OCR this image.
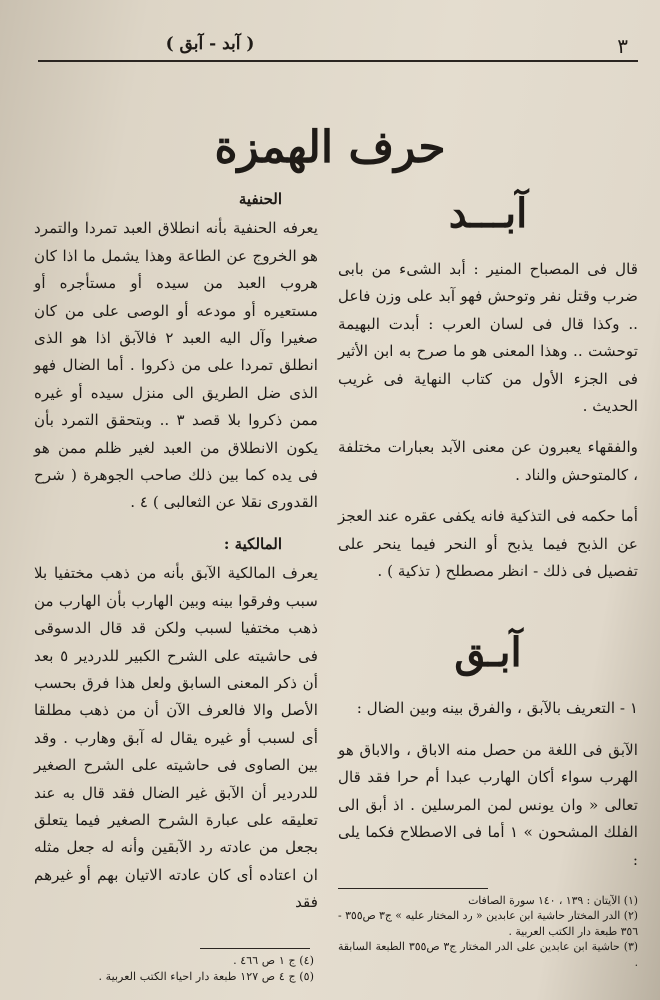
٣
( آبد - آبق )
حرف الهمزة
آبـــد

قال فى المصباح المنير : أبد الشىء من بابى ضرب وقتل نفر وتوحش فهو آبد على وزن فاعل .. وكذا قال فى لسان العرب : أبدت البهيمة توحشت .. وهذا المعنى هو ما صرح به ابن الأثير فى الجزء الأول من كتاب النهاية فى غريب الحديث .

والفقهاء يعبرون عن معنى الآبد بعبارات مختلفة ، كالمتوحش والناد .

أما حكمه فى التذكية فانه يكفى عقره عند العجز عن الذبح فيما يذبح أو النحر فيما ينحر على تفصيل فى ذلك - انظر مصطلح ( تذكية ) .

آبـق

١ - التعريف بالآبق ، والفرق بينه وبين الضال :

الآبق فى اللغة من حصل منه الاباق ، والاباق هو الهرب سواء أكان الهارب عبدا أم حرا فقد قال تعالى « وان يونس لمن المرسلين . اذ أبق الى الفلك المشحون » ١ أما فى الاصطلاح فكما يلى :

(١) الآيتان : ١٣٩ ، ١٤٠ سورة الصافات
(٢) الدر المختار حاشية ابن عابدين « رد المختار عليه » ج٣ ص٣٥٥ - ٣٥٦ طبعة دار الكتب العربية .
(٣) حاشية ابن عابدين على الدر المختار ج٣ ص٣٥٥ الطبعة السابقة .
الحنفية

يعرفه الحنفية بأنه انطلاق العبد تمردا والتمرد هو الخروج عن الطاعة وهذا يشمل ما اذا كان هروب العبد من سيده أو مستأجره أو مستعيره أو مودعه أو الوصى على من كان صغيرا وآل اليه العبد ٢ فالآبق اذا هو الذى انطلق تمردا على من ذكروا . أما الضال فهو الذى ضل الطريق الى منزل سيده أو غيره ممن ذكروا بلا قصد ٣ .. وبتحقق التمرد بأن يكون الانطلاق من العبد لغير ظلم ممن هو فى يده كما بين ذلك صاحب الجوهرة ( شرح القدورى نقلا عن الثعالبى ) ٤ .

المالكية :

يعرف المالكية الآبق بأنه من ذهب مختفيا بلا سبب وفرقوا بينه وبين الهارب بأن الهارب من ذهب مختفيا لسبب ولكن قد قال الدسوقى فى حاشيته على الشرح الكبير للدردير ٥ بعد أن ذكر المعنى السابق ولعل هذا فرق بحسب الأصل والا فالعرف الآن أن من ذهب مطلقا أى لسبب أو غيره يقال له آبق وهارب . وقد بين الصاوى فى حاشيته على الشرح الصغير للدردير أن الآبق غير الضال فقد قال به عند تعليقه على عبارة الشرح الصغير فيما يتعلق بجعل من عادته رد الآبقين وأنه له جعل مثله ان اعتاده أى كان عادته الاتيان بهم أو غيرهم فقد

(٤) ج ١ ص ٤٦٦ .
(٥) ج ٤ ص ١٢٧ طبعة دار احياء الكتب العربية .
